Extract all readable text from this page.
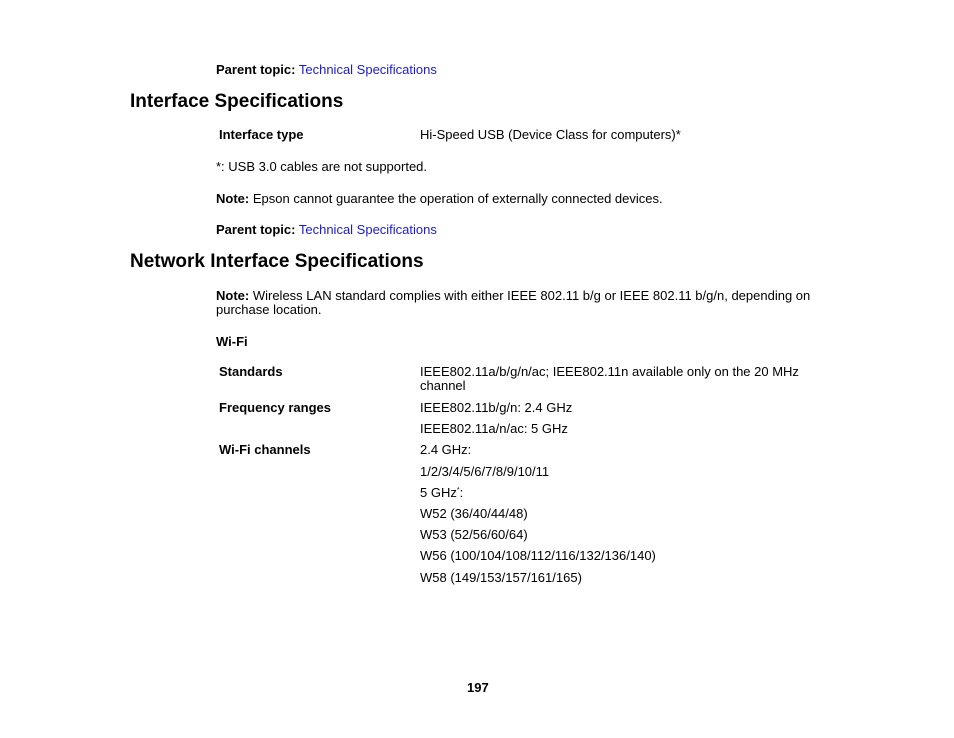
Parent topic: Technical Specifications
Interface Specifications
Interface type	Hi-Speed USB (Device Class for computers)*
*: USB 3.0 cables are not supported.
Note: Epson cannot guarantee the operation of externally connected devices.
Parent topic: Technical Specifications
Network Interface Specifications
Note: Wireless LAN standard complies with either IEEE 802.11 b/g or IEEE 802.11 b/g/n, depending on
purchase location.
Wi-Fi
Standards	IEEE802.11a/b/g/n/ac; IEEE802.11n available only on the 20 MHz
channel
Frequency ranges	IEEE802.11b/g/n: 2.4 GHz
IEEE802.11a/n/ac: 5 GHz
Wi-Fi channels	2.4 GHz:
1/2/3/4/5/6/7/8/9/10/11
5 GHz*:
W52 (36/40/44/48)
W53 (52/56/60/64)
W56 (100/104/108/112/116/132/136/140)
W58 (149/153/157/161/165)
197
